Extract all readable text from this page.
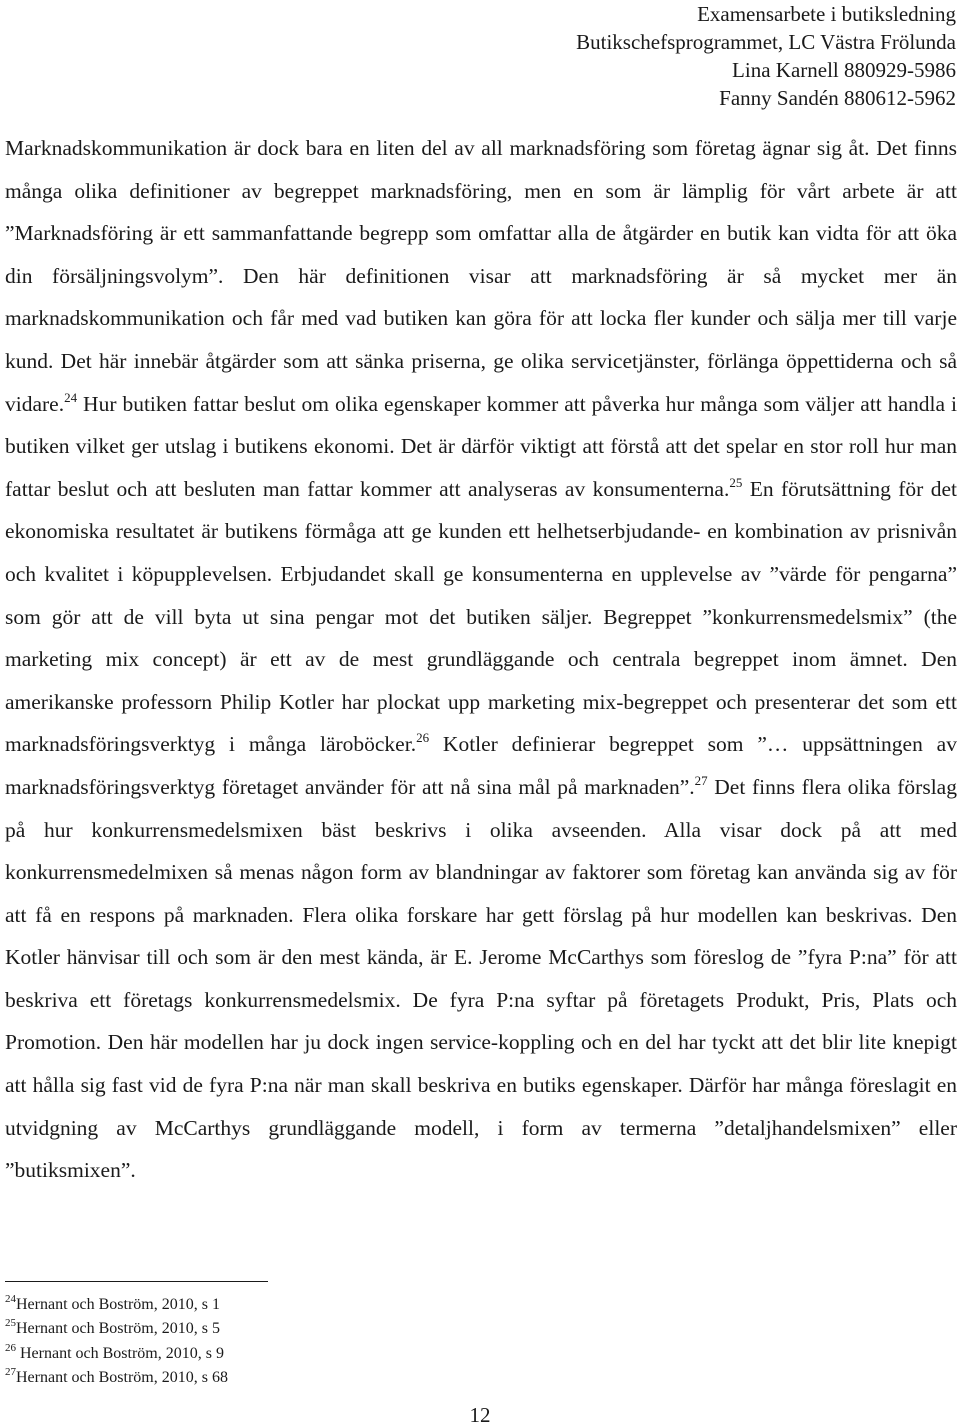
Examensarbete i butiksledning
Butikschefsprogrammet, LC Västra Frölunda
Lina Karnell 880929-5986
Fanny Sandén 880612-5962
Marknadskommunikation är dock bara en liten del av all marknadsföring som företag ägnar sig åt. Det finns många olika definitioner av begreppet marknadsföring, men en som är lämplig för vårt arbete är att ”Marknadsföring är ett sammanfattande begrepp som omfattar alla de åtgärder en butik kan vidta för att öka din försäljningsvolym”. Den här definitionen visar att marknadsföring är så mycket mer än marknadskommunikation och får med vad butiken kan göra för att locka fler kunder och sälja mer till varje kund. Det här innebär åtgärder som att sänka priserna, ge olika servicetjänster, förlänga öppettiderna och så vidare.$^{24}$ Hur butiken fattar beslut om olika egenskaper kommer att påverka hur många som väljer att handla i butiken vilket ger utslag i butikens ekonomi. Det är därför viktigt att förstå att det spelar en stor roll hur man fattar beslut och att besluten man fattar kommer att analyseras av konsumenterna.$^{25}$ En förutsättning för det ekonomiska resultatet är butikens förmåga att ge kunden ett helhetserbjudande- en kombination av prisnivån och kvalitet i köpupplevelsen. Erbjudandet skall ge konsumenterna en upplevelse av ”värde för pengarna” som gör att de vill byta ut sina pengar mot det butiken säljer. Begreppet ”konkurrensmedelsmix” (the marketing mix concept) är ett av de mest grundläggande och centrala begreppet inom ämnet. Den amerikanske professorn Philip Kotler har plockat upp marketing mix-begreppet och presenterar det som ett marknadsföringsverktyg i många läroböcker.$^{26}$ Kotler definierar begreppet som ”… uppsättningen av marknadsföringsverktyg företaget använder för att nå sina mål på marknaden”.$^{27}$ Det finns flera olika förslag på hur konkurrensmedelsmixen bäst beskrivs i olika avseenden. Alla visar dock på att med konkurrensmedelmixen så menas någon form av blandningar av faktorer som företag kan använda sig av för att få en respons på marknaden. Flera olika forskare har gett förslag på hur modellen kan beskrivas. Den Kotler hänvisar till och som är den mest kända, är E. Jerome McCarthys som föreslog de ”fyra P:na” för att beskriva ett företags konkurrensmedelsmix. De fyra P:na syftar på företagets Produkt, Pris, Plats och Promotion. Den här modellen har ju dock ingen service-koppling och en del har tyckt att det blir lite knepigt att hålla sig fast vid de fyra P:na när man skall beskriva en butiks egenskaper. Därför har många föreslagit en utvidgning av McCarthys grundläggande modell, i form av termerna ”detaljhandelsmixen” eller ”butiksmixen”.
$^{24}$Hernant och Boström, 2010, s 1
$^{25}$Hernant och Boström, 2010, s 5
$^{26}$ Hernant och Boström, 2010, s 9
$^{27}$Hernant och Boström, 2010, s 68
12
